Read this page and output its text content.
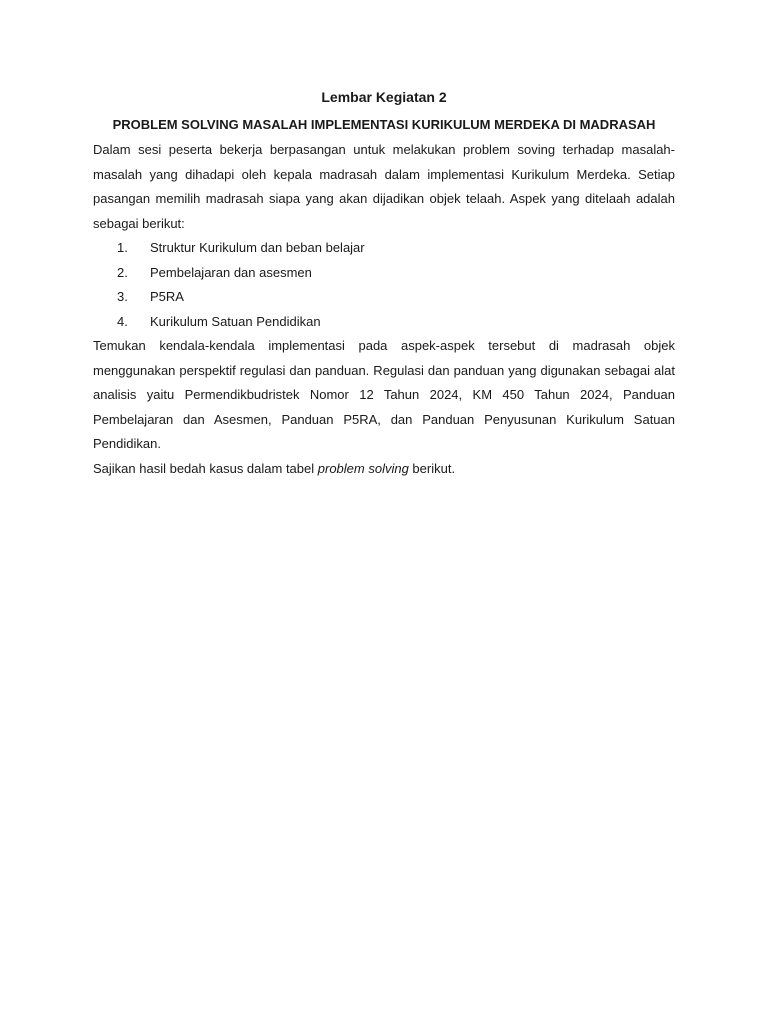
Lembar Kegiatan 2

PROBLEM SOLVING MASALAH IMPLEMENTASI KURIKULUM MERDEKA DI MADRASAH

Dalam sesi peserta bekerja berpasangan untuk melakukan problem soving terhadap masalah-masalah yang dihadapi oleh kepala madrasah dalam implementasi Kurikulum Merdeka. Setiap pasangan memilih madrasah siapa yang akan dijadikan objek telaah. Aspek yang ditelaah adalah sebagai berikut:

1.	Struktur Kurikulum dan beban belajar
2.	Pembelajaran dan asesmen
3.	P5RA
4.	Kurikulum Satuan Pendidikan

Temukan kendala-kendala implementasi pada aspek-aspek tersebut di madrasah objek menggunakan perspektif regulasi dan panduan. Regulasi dan panduan yang digunakan sebagai alat analisis yaitu Permendikbudristek Nomor 12 Tahun 2024, KM 450 Tahun 2024, Panduan Pembelajaran dan Asesmen, Panduan P5RA, dan Panduan Penyusunan Kurikulum Satuan Pendidikan.

Sajikan hasil bedah kasus dalam tabel problem solving berikut.
